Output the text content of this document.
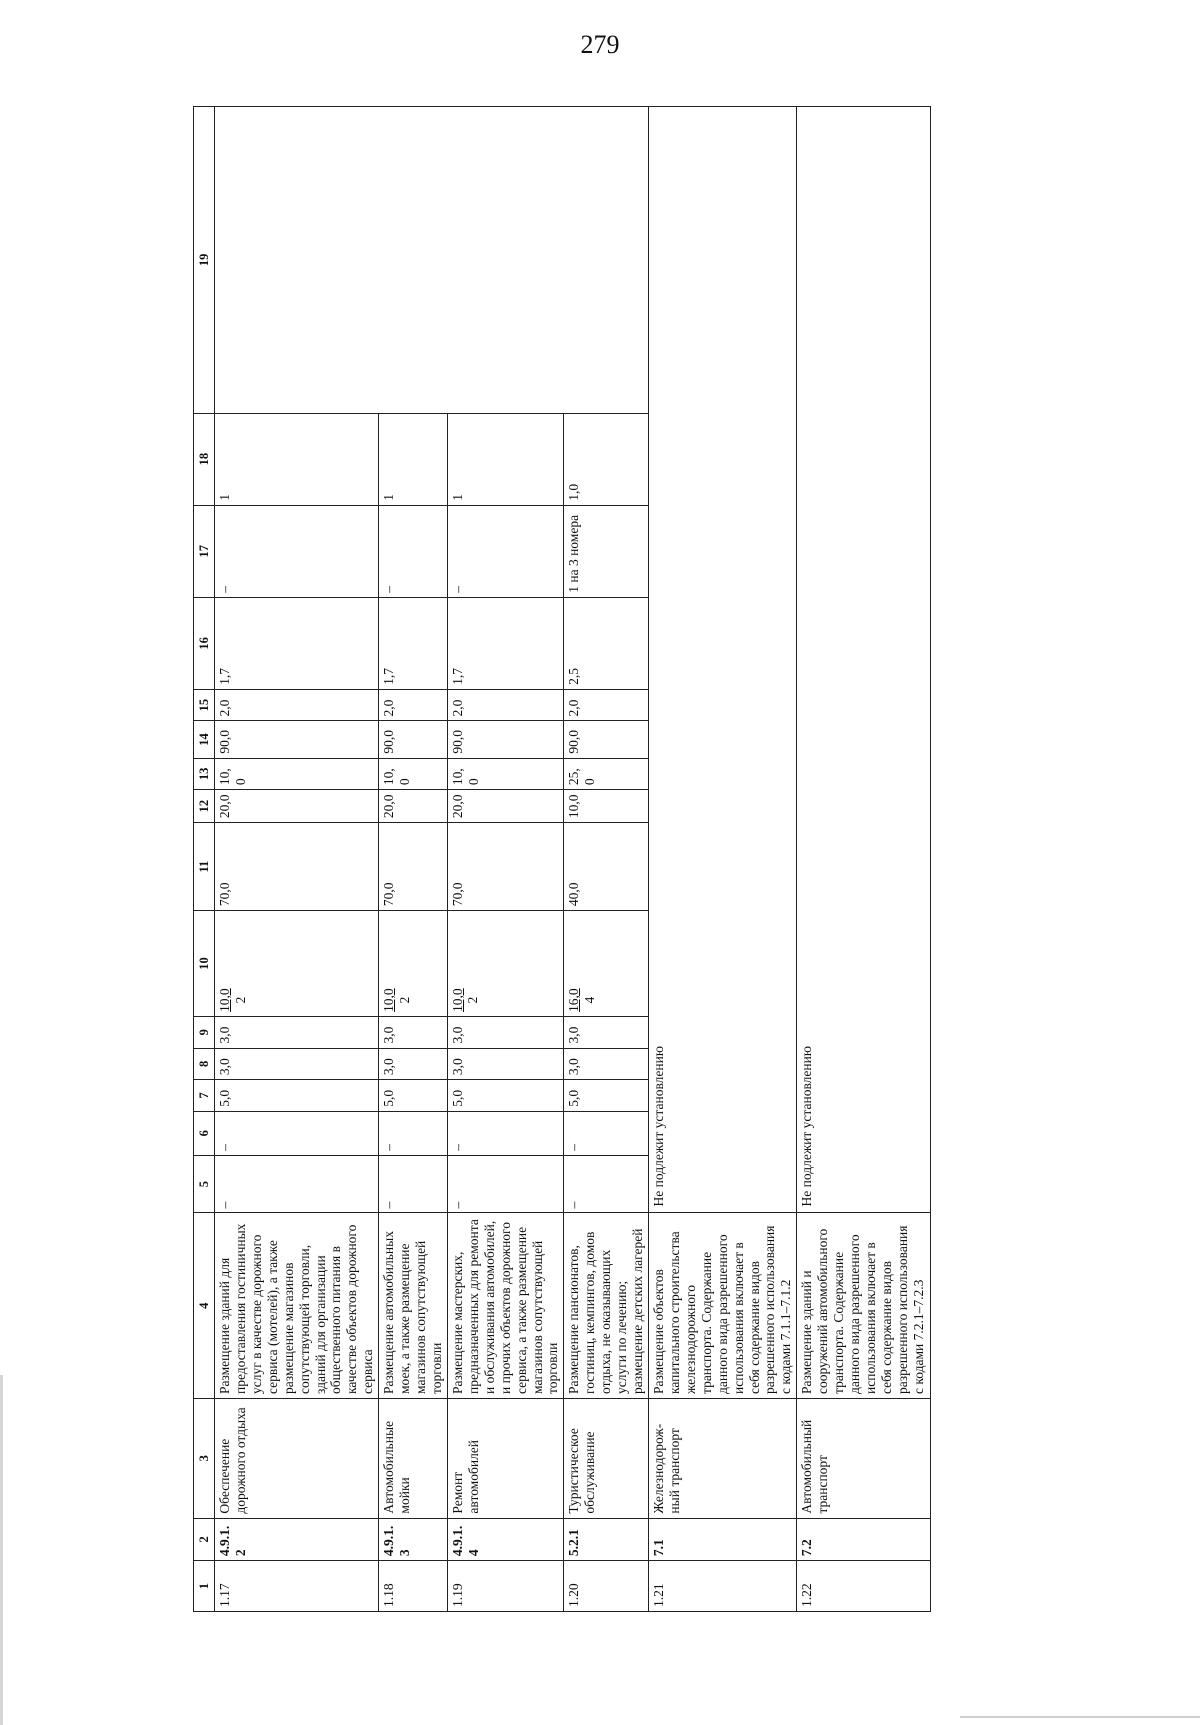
279
1	2	3	4	5	6	7	8	9	10	11	12	13	14	15	16	17	18	19
1.17	4.9.1.2	Обеспечение дорожного отдыха	Размещение зданий для предоставления гостиничных услуг в качестве дорожного сервиса (мотелей), а также размещение магазинов сопутствующей торговли, зданий для организации общественного питания в качестве объектов дорожного сервиса	–	–	5,0	3,0	3,0	10,0 2	70,0	20,0	10,0	90,0	2,0	1,7	–	1	
1.18	4.9.1.3	Автомобильные мойки	Размещение автомобильных моек, а также размещение магазинов сопутствующей торговли	–	–	5,0	3,0	3,0	10,0 2	70,0	20,0	10,0	90,0	2,0	1,7	–	1	
1.19	4.9.1.4	Ремонт автомобилей	Размещение мастерских, предназначенных для ремонта и обслуживания автомобилей, и прочих объектов дорожного сервиса, а также размещение магазинов сопутствующей торговли	–	–	5,0	3,0	3,0	10,0 2	70,0	20,0	10,0	90,0	2,0	1,7	–	1	
1.20	5.2.1	Туристическое обслуживание	Размещение пансионатов, гостиниц, кемпингов, домов отдыха, не оказывающих услуги по лечению; размещение детских лагерей	–	–	5,0	3,0	3,0	16,0 4	40,0	10,0	25,0	90,0	2,0	2,5	1 на 3 номера	1,0	
1.21	7.1	Железнодорож-ный транспорт	Размещение объектов капитального строительства железнодорожного транспорта. Содержание данного вида разрешенного использования включает в себя содержание видов разрешенного использования с кодами 7.1.1–7.1.2	Не подлежит установлению														
1.22	7.2	Автомобильный транспорт	Размещение зданий и сооружений автомобильного транспорта. Содержание данного вида разрешенного использования включает в себя содержание видов разрешенного использования с кодами 7.2.1–7.2.3	Не подлежит установлению														
